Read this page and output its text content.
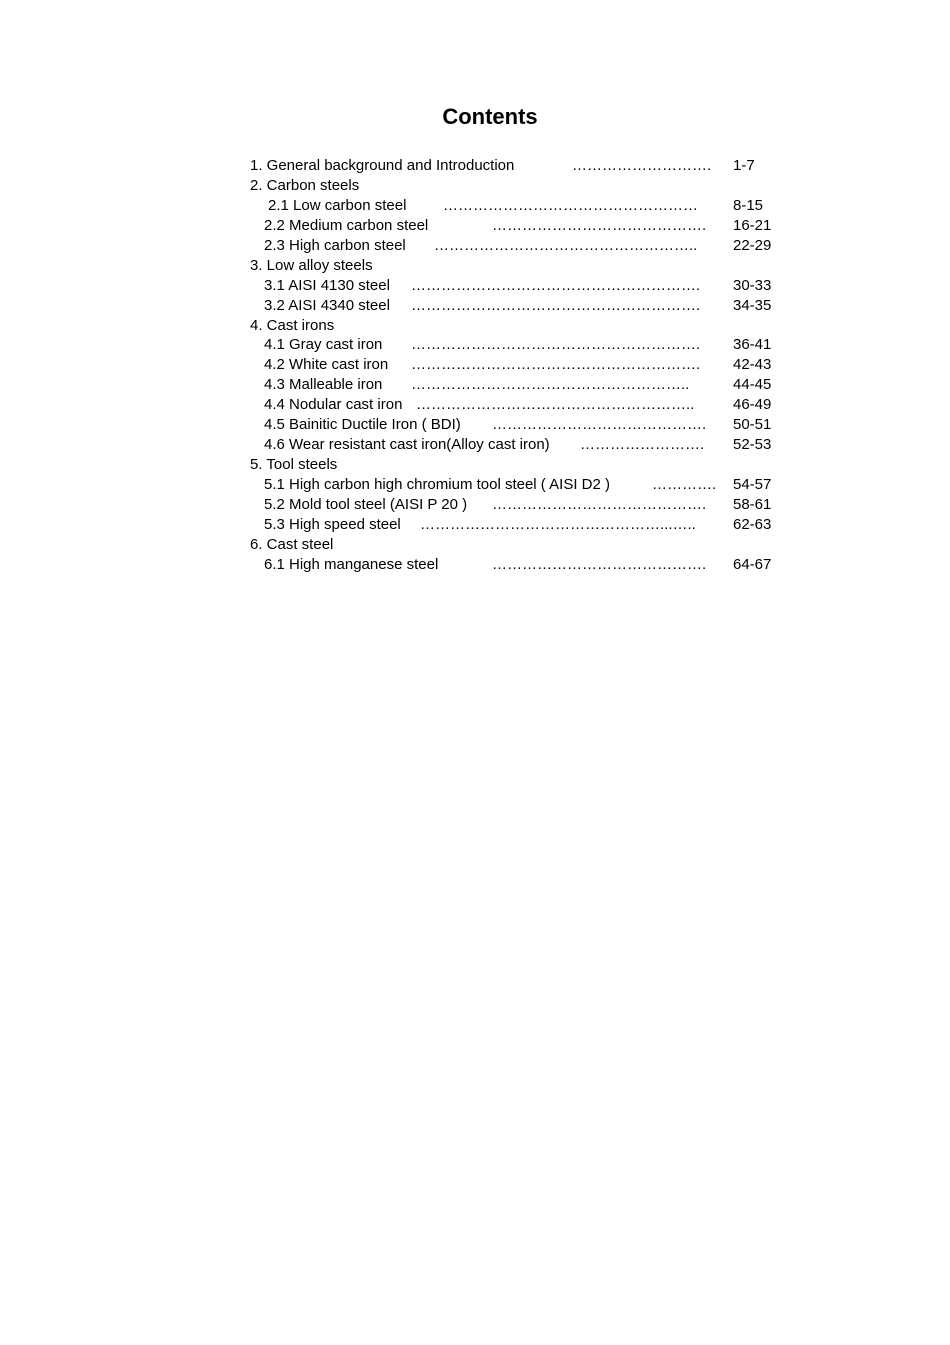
Contents
1. General background and Introduction	………………………. 1-7
2. Carbon steels
2.1 Low carbon steel …………………………………………… 8-15
2.2 Medium carbon steel	……………………………………. 16-21
2.3 High carbon steel …………………………………………….. 22-29
3. Low alloy steels
3.1 AISI 4130 steel …………………………………………………. 30-33
3.2 AISI 4340 steel …………………………………………………. 34-35
4. Cast irons
4.1 Gray cast iron …………………………………………………. 36-41
4.2 White cast iron …………………………………………………. 42-43
4.3 Malleable iron ………………………………………………..	44-45
4.4 Nodular cast iron ………………………………………………..	46-49
4.5 Bainitic Ductile Iron ( BDI) ……………………………………. 50-51
4.6 Wear resistant cast iron(Alloy cast iron) ……………………. 52-53
5. Tool steels
5.1 High carbon high chromium tool steel ( AISI D2 )	…………. 54-57
5.2 Mold tool steel (AISI P 20 ) ……………………………………. 58-61
5.3 High speed steel …………………………………………...….. 62-63
6. Cast steel
6.1 High manganese steel	……………………………………. 64-67
